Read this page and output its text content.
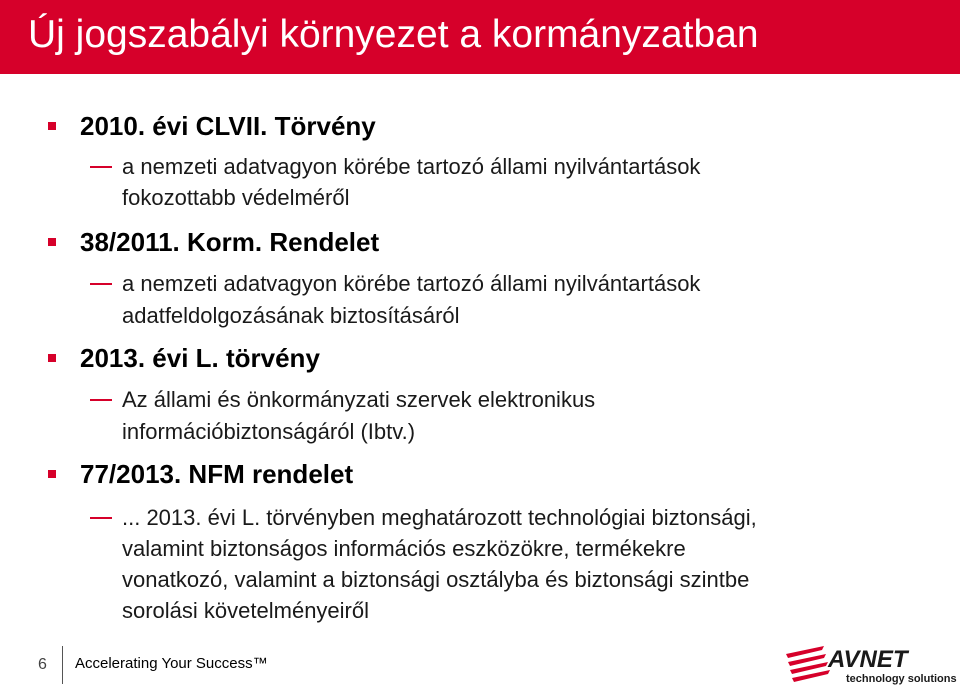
Új jogszabályi környezet a kormányzatban
2010. évi CLVII. Törvény
a nemzeti adatvagyon körébe tartozó állami nyilvántartások
fokozottabb védelméről
38/2011. Korm. Rendelet
a nemzeti adatvagyon körébe tartozó állami nyilvántartások
adatfeldolgozásának biztosításáról
2013. évi L. törvény
Az állami és önkormányzati szervek elektronikus
információbiztonságáról (Ibtv.)
77/2013. NFM rendelet
... 2013. évi L. törvényben meghatározott technológiai biztonsági,
valamint biztonságos információs eszközökre, termékekre
vonatkozó, valamint a biztonsági osztályba és biztonsági szintbe
sorolási követelményeiről
6 Accelerating Your Success™	AVNET
technology solutions
